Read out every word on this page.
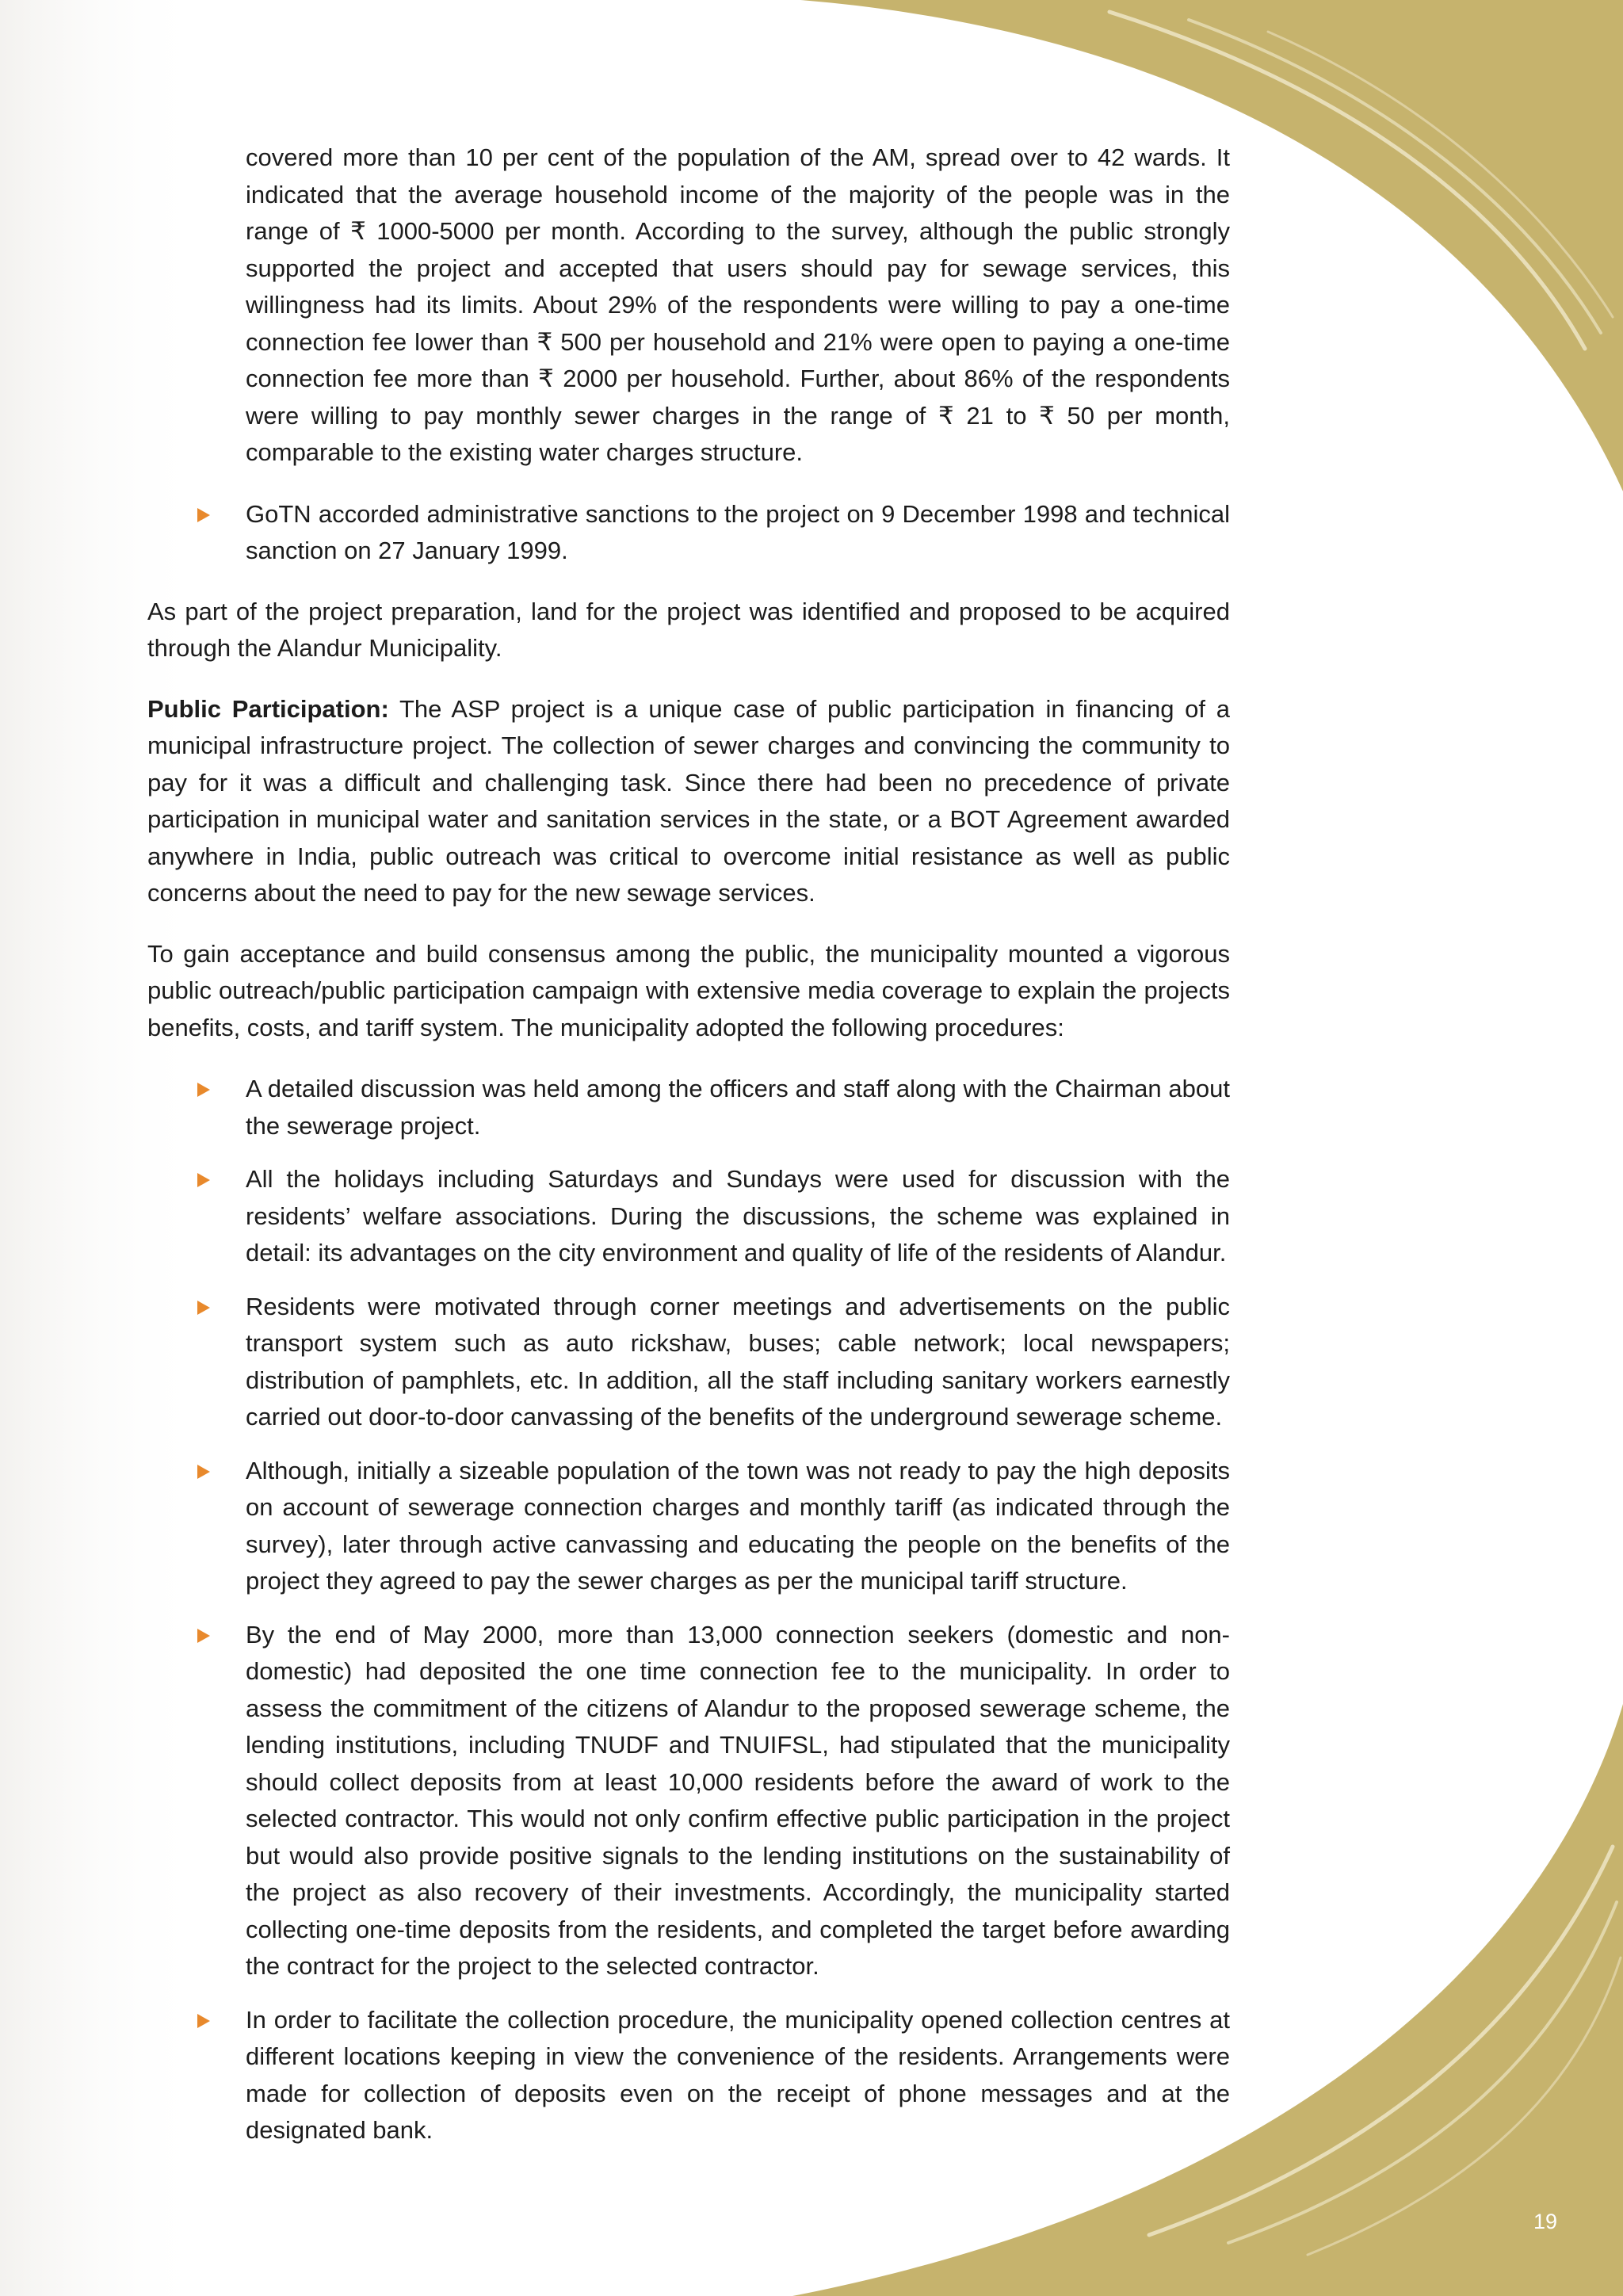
covered more than 10 per cent of the population of the AM, spread over to 42 wards. It indicated that the average household income of the majority of the people was in the range of ₹ 1000-5000 per month. According to the survey, although the public strongly supported the project and accepted that users should pay for sewage services, this willingness had its limits. About 29% of the respondents were willing to pay a one-time connection fee lower than ₹ 500 per household and 21% were open to paying a one-time connection fee more than ₹ 2000 per household. Further, about 86% of the respondents were willing to pay monthly sewer charges in the range of ₹ 21 to ₹ 50 per month, comparable to the existing water charges structure.

GoTN accorded administrative sanctions to the project on 9 December 1998 and technical sanction on 27 January 1999.

As part of the project preparation, land for the project was identified and proposed to be acquired through the Alandur Municipality.

Public Participation: The ASP project is a unique case of public participation in financing of a municipal infrastructure project. The collection of sewer charges and convincing the community to pay for it was a difficult and challenging task. Since there had been no precedence of private participation in municipal water and sanitation services in the state, or a BOT Agreement awarded anywhere in India, public outreach was critical to overcome initial resistance as well as public concerns about the need to pay for the new sewage services.

To gain acceptance and build consensus among the public, the municipality mounted a vigorous public outreach/public participation campaign with extensive media coverage to explain the projects benefits, costs, and tariff system. The municipality adopted the following procedures:

A detailed discussion was held among the officers and staff along with the Chairman about the sewerage project.
All the holidays including Saturdays and Sundays were used for discussion with the residents’ welfare associations. During the discussions, the scheme was explained in detail: its advantages on the city environment and quality of life of the residents of Alandur.
Residents were motivated through corner meetings and advertisements on the public transport system such as auto rickshaw, buses; cable network; local newspapers; distribution of pamphlets, etc. In addition, all the staff including sanitary workers earnestly carried out door-to-door canvassing of the benefits of the underground sewerage scheme.
Although, initially a sizeable population of the town was not ready to pay the high deposits on account of sewerage connection charges and monthly tariff (as indicated through the survey), later through active canvassing and educating the people on the benefits of the project they agreed to pay the sewer charges as per the municipal tariff structure.
By the end of May 2000, more than 13,000 connection seekers (domestic and non-domestic) had deposited the one time connection fee to the municipality. In order to assess the commitment of the citizens of Alandur to the proposed sewerage scheme, the lending institutions, including TNUDF and TNUIFSL, had stipulated that the municipality should collect deposits from at least 10,000 residents before the award of work to the selected contractor. This would not only confirm effective public participation in the project but would also provide positive signals to the lending institutions on the sustainability of the project as also recovery of their investments. Accordingly, the municipality started collecting one-time deposits from the residents, and completed the target before awarding the contract for the project to the selected contractor.
In order to facilitate the collection procedure, the municipality opened collection centres at different locations keeping in view the convenience of the residents. Arrangements were made for collection of deposits even on the receipt of phone messages and at the designated bank.
19
